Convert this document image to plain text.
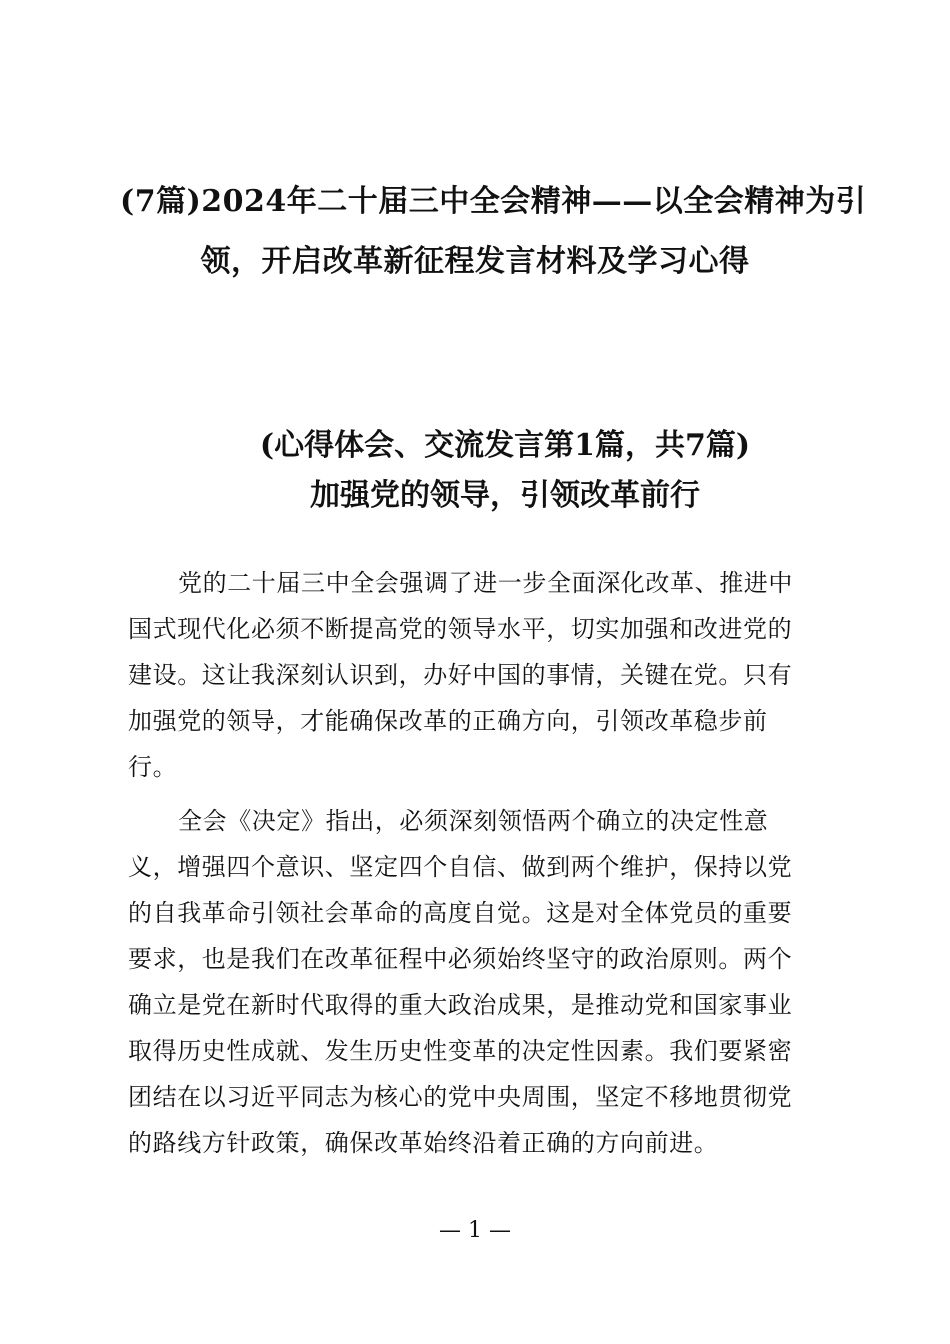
(7篇)2024年二十届三中全会精神——以全会精神为引
领，开启改革新征程发言材料及学习心得
(心得体会、交流发言第1篇，共7篇)
加强党的领导，引领改革前行
党的二十届三中全会强调了进一步全面深化改革、推进中
国式现代化必须不断提高党的领导水平，切实加强和改进党的
建设。这让我深刻认识到，办好中国的事情，关键在党。只有
加强党的领导，才能确保改革的正确方向，引领改革稳步前
行。
全会《决定》指出，必须深刻领悟两个确立的决定性意
义，增强四个意识、坚定四个自信、做到两个维护，保持以党
的自我革命引领社会革命的高度自觉。这是对全体党员的重要
要求，也是我们在改革征程中必须始终坚守的政治原则。两个
确立是党在新时代取得的重大政治成果，是推动党和国家事业
取得历史性成就、发生历史性变革的决定性因素。我们要紧密
团结在以习近平同志为核心的党中央周围，坚定不移地贯彻党
的路线方针政策，确保改革始终沿着正确的方向前进。
— 1 —
